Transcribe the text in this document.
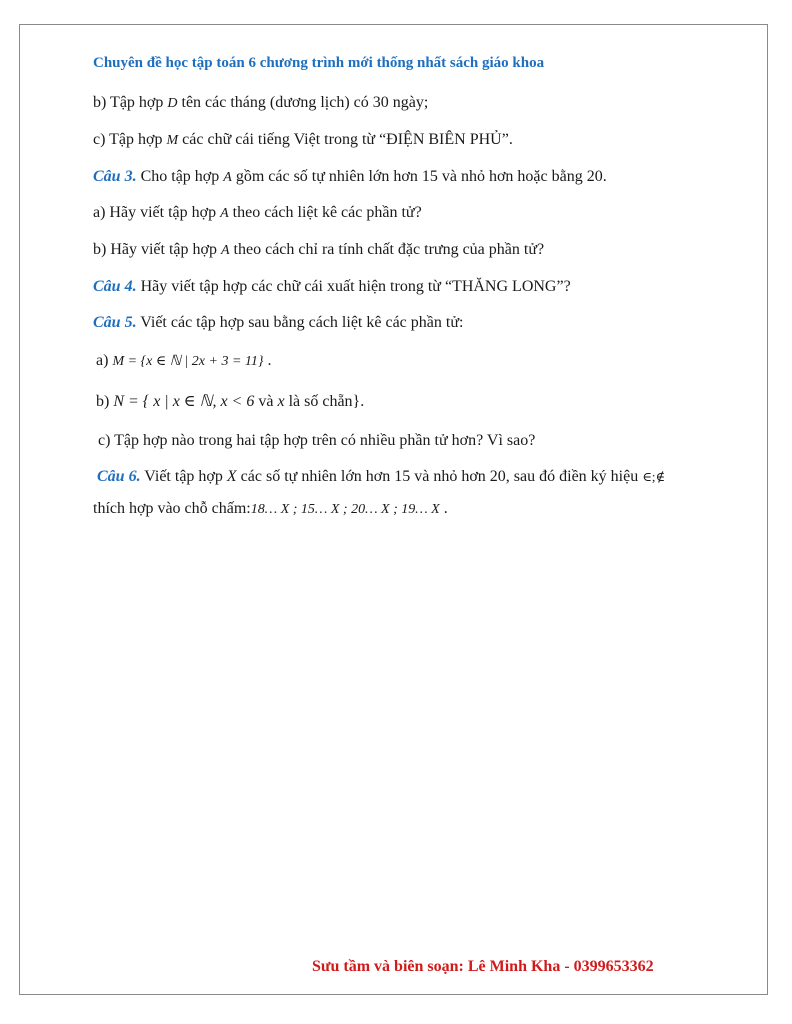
Chuyên đề học tập toán 6 chương trình mới thống nhất sách giáo khoa
b) Tập hợp D tên các tháng (dương lịch) có 30 ngày;
c) Tập hợp M các chữ cái tiếng Việt trong từ “ĐIỆN BIÊN PHỦ”.
Câu 3. Cho tập hợp A gồm các số tự nhiên lớn hơn 15 và nhỏ hơn hoặc bằng 20.
a) Hãy viết tập hợp A theo cách liệt kê các phần tử?
b) Hãy viết tập hợp A theo cách chỉ ra tính chất đặc trưng của phần tử?
Câu 4. Hãy viết tập hợp các chữ cái xuất hiện trong từ “THĂNG LONG”?
Câu 5. Viết các tập hợp sau bằng cách liệt kê các phần tử:
a) M = {x ∈ ℕ | 2x + 3 = 11} .
b) N = { x | x ∈ ℕ, x < 6 và x là số chẵn}.
c) Tập hợp nào trong hai tập hợp trên có nhiều phần tử hơn? Vì sao?
Câu 6. Viết tập hợp X các số tự nhiên lớn hơn 15 và nhỏ hơn 20, sau đó điền ký hiệu ∈;∉
thích hợp vào chỗ chấm:18… X ; 15… X ; 20… X ; 19… X .
Sưu tầm và biên soạn: Lê Minh Kha - 0399653362
